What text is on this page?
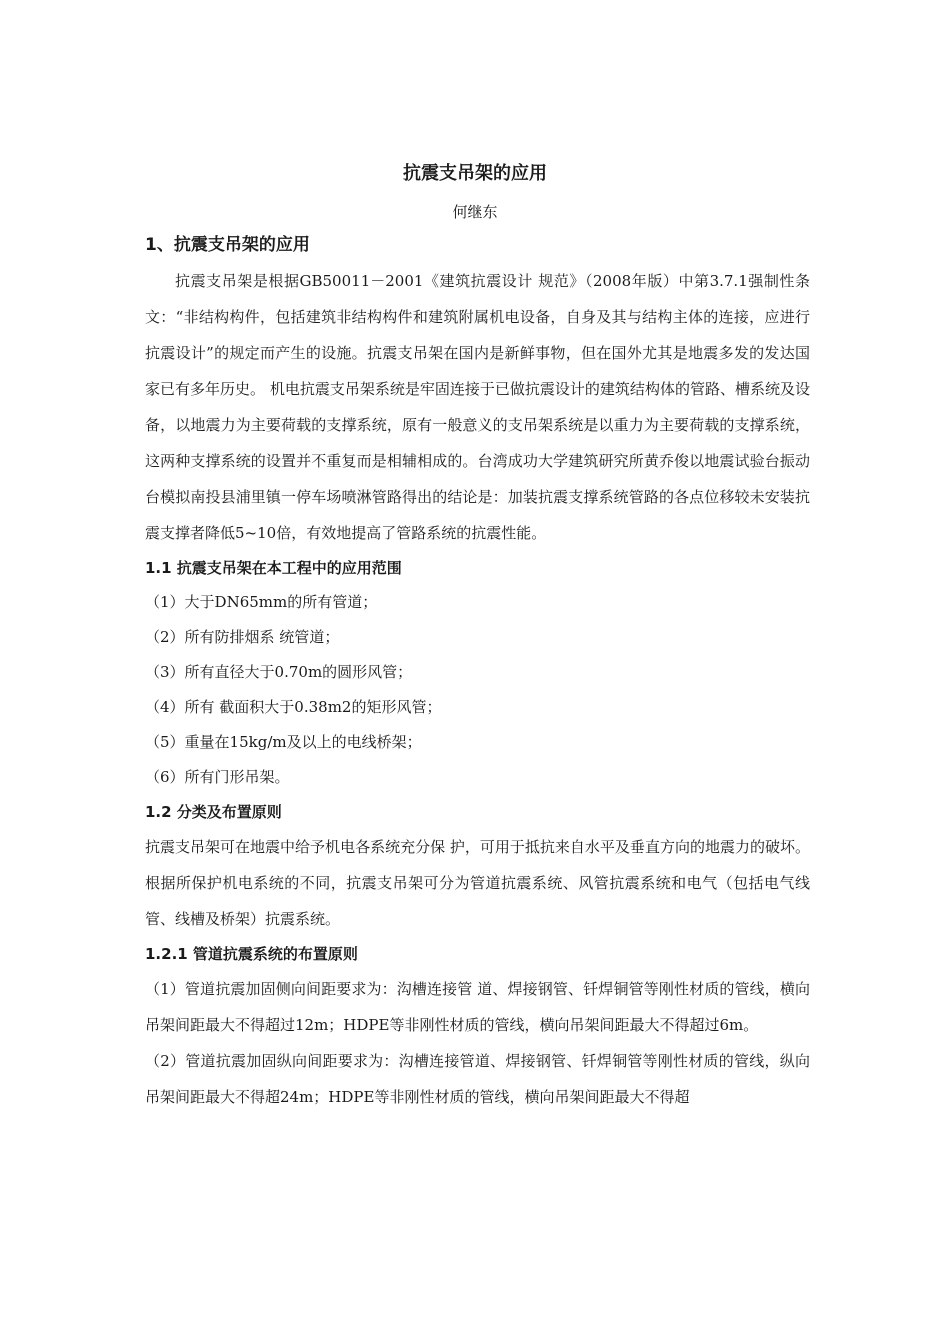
抗震支吊架的应用
何继东

1、抗震支吊架的应用

抗震支吊架是根据GB50011－2001《建筑抗震设计 规范》（2008年版）中第3.7.1强制性条文：“非结构构件，包括建筑非结构构件和建筑附属机电设备，自身及其与结构主体的连接，应进行抗震设计”的规定而产生的设施。抗震支吊架在国内是新鲜事物，但在国外尤其是地震多发的发达国家已有多年历史。 机电抗震支吊架系统是牢固连接于已做抗震设计的建筑结构体的管路、槽系统及设备，以地震力为主要荷载的支撑系统，原有一般意义的支吊架系统是以重力为主要荷载的支撑系统，这两种支撑系统的设置并不重复而是相辅相成的。台湾成功大学建筑研究所黄乔俊以地震试验台振动台模拟南投县浦里镇一停车场喷淋管路得出的结论是：加装抗震支撑系统管路的各点位移较未安装抗震支撑者降低5~10倍，有效地提高了管路系统的抗震性能。

1.1 抗震支吊架在本工程中的应用范围

（1）大于DN65mm的所有管道；

（2）所有防排烟系 统管道；

（3）所有直径大于0.70m的圆形风管；

（4）所有 截面积大于0.38m2的矩形风管；

（5）重量在15kg/m及以上的电线桥架；

（6）所有门形吊架。

1.2 分类及布置原则

抗震支吊架可在地震中给予机电各系统充分保 护，可用于抵抗来自水平及垂直方向的地震力的破坏。根据所保护机电系统的不同，抗震支吊架可分为管道抗震系统、风管抗震系统和电气（包括电气线管、线槽及桥架）抗震系统。

1.2.1 管道抗震系统的布置原则

（1）管道抗震加固侧向间距要求为：沟槽连接管 道、焊接钢管、钎焊铜管等刚性材质的管线，横向吊架间距最大不得超过12m；HDPE等非刚性材质的管线，横向吊架间距最大不得超过6m。

（2）管道抗震加固纵向间距要求为：沟槽连接管道、焊接钢管、钎焊铜管等刚性材质的管线，纵向吊架间距最大不得超24m；HDPE等非刚性材质的管线，横向吊架间距最大不得超
